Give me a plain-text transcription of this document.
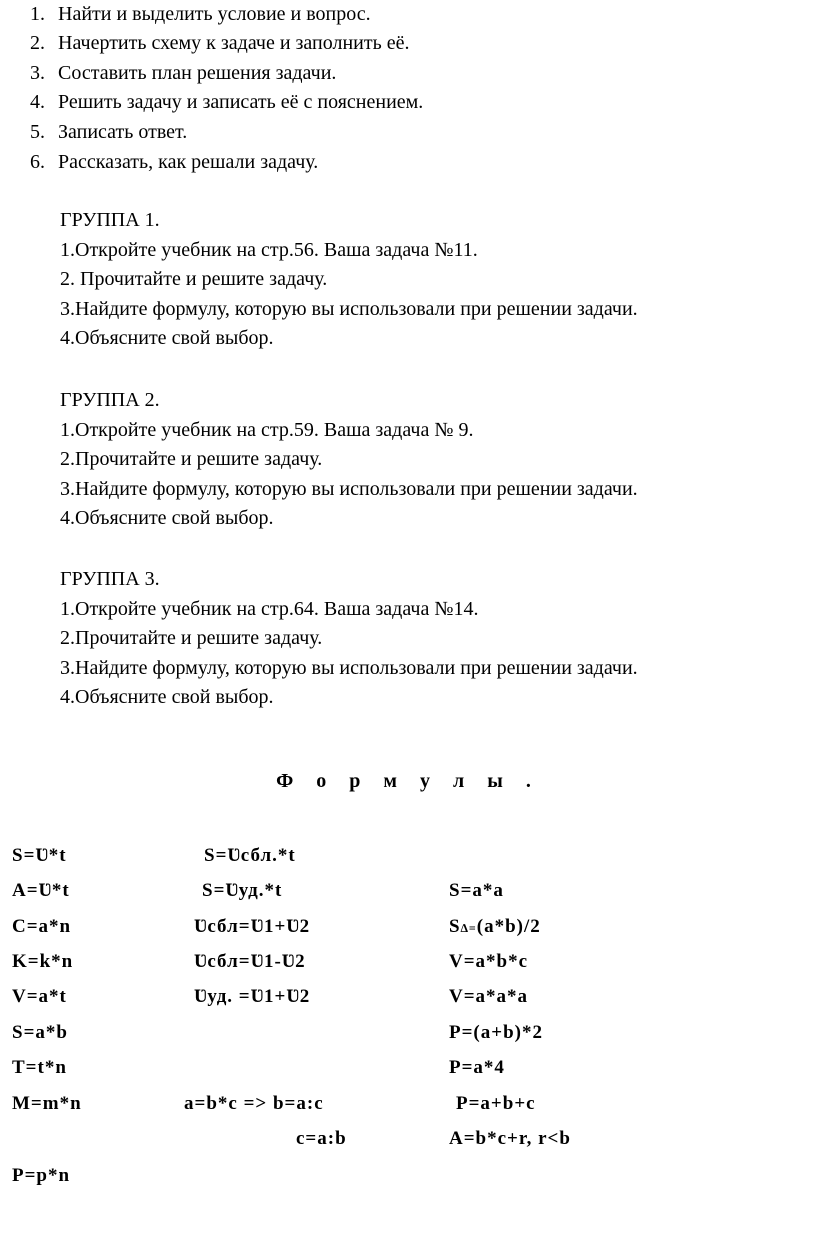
1. Найти и выделить условие и вопрос.
2. Начертить схему к задаче и заполнить её.
3. Составить план решения задачи.
4. Решить задачу и записать её с пояснением.
5. Записать ответ.
6. Рассказать, как решали задачу.
ГРУППА 1.
1.Откройте учебник на стр.56. Ваша задача №11.
2. Прочитайте и решите задачу.
3.Найдите формулу, которую вы использовали при решении задачи.
4.Объясните свой выбор.
ГРУППА 2.
1.Откройте учебник на стр.59. Ваша задача № 9.
2.Прочитайте и решите задачу.
3.Найдите формулу, которую вы использовали при решении задачи.
4.Объясните свой выбор.
ГРУППА 3.
1.Откройте учебник на стр.64. Ваша задача №14.
2.Прочитайте и решите задачу.
3.Найдите формулу, которую вы использовали при решении задачи.
4.Объясните свой выбор.
Ф о р м у л ы .
S=Ʋ*t
A=Ʋ*t
C=a*n
K=k*n
V=a*t
S=a*b
T=t*n
M=m*n
P=p*n
S=Ʋсбл.*t
S=Ʋуд.*t
Ʋсбл=Ʋ1+Ʋ2
Ʋсбл=Ʋ1-Ʋ2
Ʋуд. =Ʋ1+Ʋ2
a=b*c => b=a:c
c=a:b
S=a*a
S∆=(a*b)/2
V=a*b*c
V=a*a*a
P=(a+b)*2
P=a*4
P=a+b+c
A=b*c+r, r<b
